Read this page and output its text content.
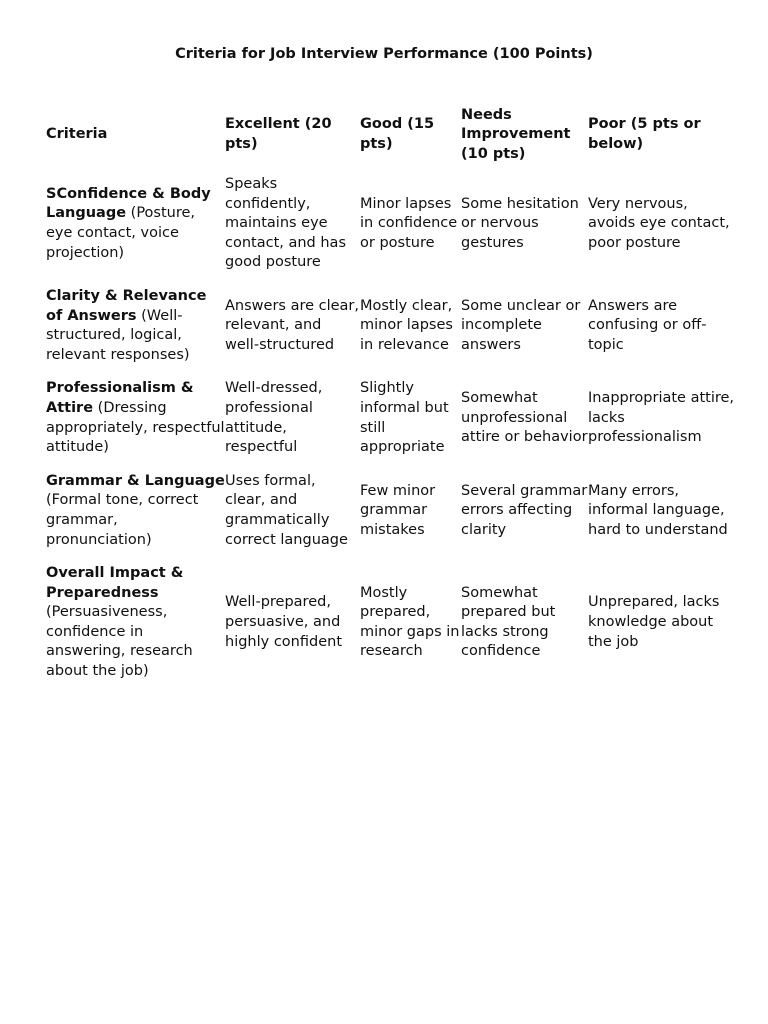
Criteria for Job Interview Performance (100 Points)
Criteria	Excellent (20 pts)	Good (15 pts)	Needs Improvement (10 pts)	Poor (5 pts or below)
SConfidence & Body Language (Posture, eye contact, voice projection)	Speaks confidently, maintains eye contact, and has good posture	Minor lapses in confidence or posture	Some hesitation or nervous gestures	Very nervous, avoids eye contact, poor posture
Clarity & Relevance of Answers (Well-structured, logical, relevant responses)	Answers are clear, relevant, and well-structured	Mostly clear, minor lapses in relevance	Some unclear or incomplete answers	Answers are confusing or off-topic
Professionalism & Attire (Dressing appropriately, respectful attitude)	Well-dressed, professional attitude, respectful	Slightly informal but still appropriate	Somewhat unprofessional attire or behavior	Inappropriate attire, lacks professionalism
Grammar & Language (Formal tone, correct grammar, pronunciation)	Uses formal, clear, and grammatically correct language	Few minor grammar mistakes	Several grammar errors affecting clarity	Many errors, informal language, hard to understand
Overall Impact & Preparedness (Persuasiveness, confidence in answering, research about the job)	Well-prepared, persuasive, and highly confident	Mostly prepared, minor gaps in research	Somewhat prepared but lacks strong confidence	Unprepared, lacks knowledge about the job
